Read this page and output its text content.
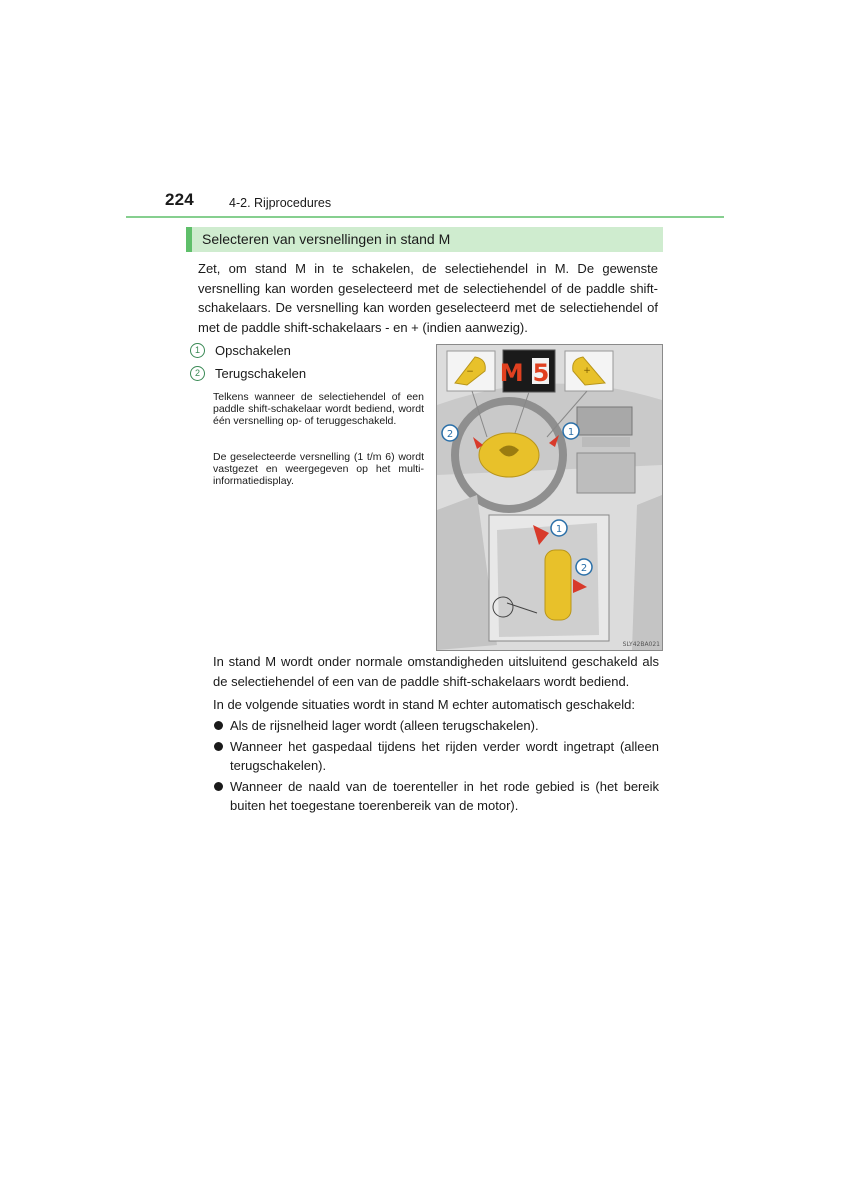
224	4-2. Rijprocedures
Selecteren van versnellingen in stand M

Zet, om stand M in te schakelen, de selectiehendel in M. De gewenste versnelling kan worden geselecteerd met de selectiehendel of de paddle shift-schakelaars. De versnelling kan worden geselecteerd met de selectiehendel of met de paddle shift-schakelaars - en + (indien aanwezig).

1	Opschakelen
2	Terugschakelen

Telkens wanneer de selectiehendel of een paddle shift-schakelaar wordt bediend, wordt één versnelling op- of teruggeschakeld.

De geselecteerde versnelling (1 t/m 6) wordt vastgezet en weergegeven op het multi-informatiedisplay.

− M5	+
2	1
1
2
SLY42BA021

In stand M wordt onder normale omstandigheden uitsluitend geschakeld als de selectiehendel of een van de paddle shift-schakelaars wordt bediend.

In de volgende situaties wordt in stand M echter automatisch geschakeld:

Als de rijsnelheid lager wordt (alleen terugschakelen).
Wanneer het gaspedaal tijdens het rijden verder wordt ingetrapt (alleen terugschakelen).
Wanneer de naald van de toerenteller in het rode gebied is (het bereik buiten het toegestane toerenbereik van de motor).
